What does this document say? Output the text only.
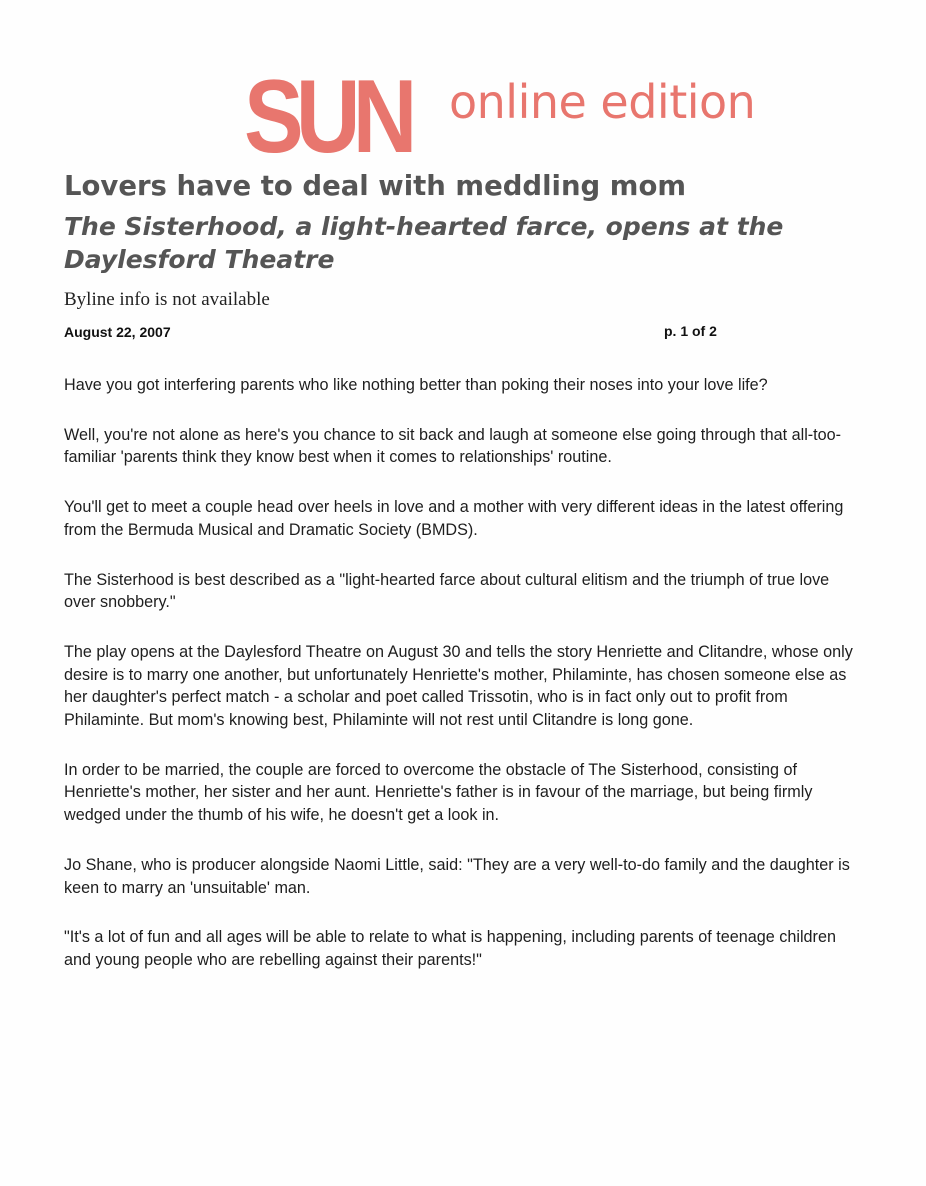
SUN online edition
Lovers have to deal with meddling mom
The Sisterhood, a light-hearted farce, opens at the Daylesford Theatre
Byline info is not available
August 22, 2007	p. 1 of 2

Have you got interfering parents who like nothing better than poking their noses into your love life?

Well, you're not alone as here's you chance to sit back and laugh at someone else going through that all-too-familiar 'parents think they know best when it comes to relationships' routine.

You'll get to meet a couple head over heels in love and a mother with very different ideas in the latest offering from the Bermuda Musical and Dramatic Society (BMDS).

The Sisterhood is best described as a "light-hearted farce about cultural elitism and the triumph of true love over snobbery."

The play opens at the Daylesford Theatre on August 30 and tells the story Henriette and Clitandre, whose only desire is to marry one another, but unfortunately Henriette's mother, Philaminte, has chosen someone else as her daughter's perfect match - a scholar and poet called Trissotin, who is in fact only out to profit from Philaminte. But mom's knowing best, Philaminte will not rest until Clitandre is long gone.

In order to be married, the couple are forced to overcome the obstacle of The Sisterhood, consisting of Henriette's mother, her sister and her aunt. Henriette's father is in favour of the marriage, but being firmly wedged under the thumb of his wife, he doesn't get a look in.

Jo Shane, who is producer alongside Naomi Little, said: "They are a very well-to-do family and the daughter is keen to marry an 'unsuitable' man.

"It's a lot of fun and all ages will be able to relate to what is happening, including parents of teenage children and young people who are rebelling against their parents!"
